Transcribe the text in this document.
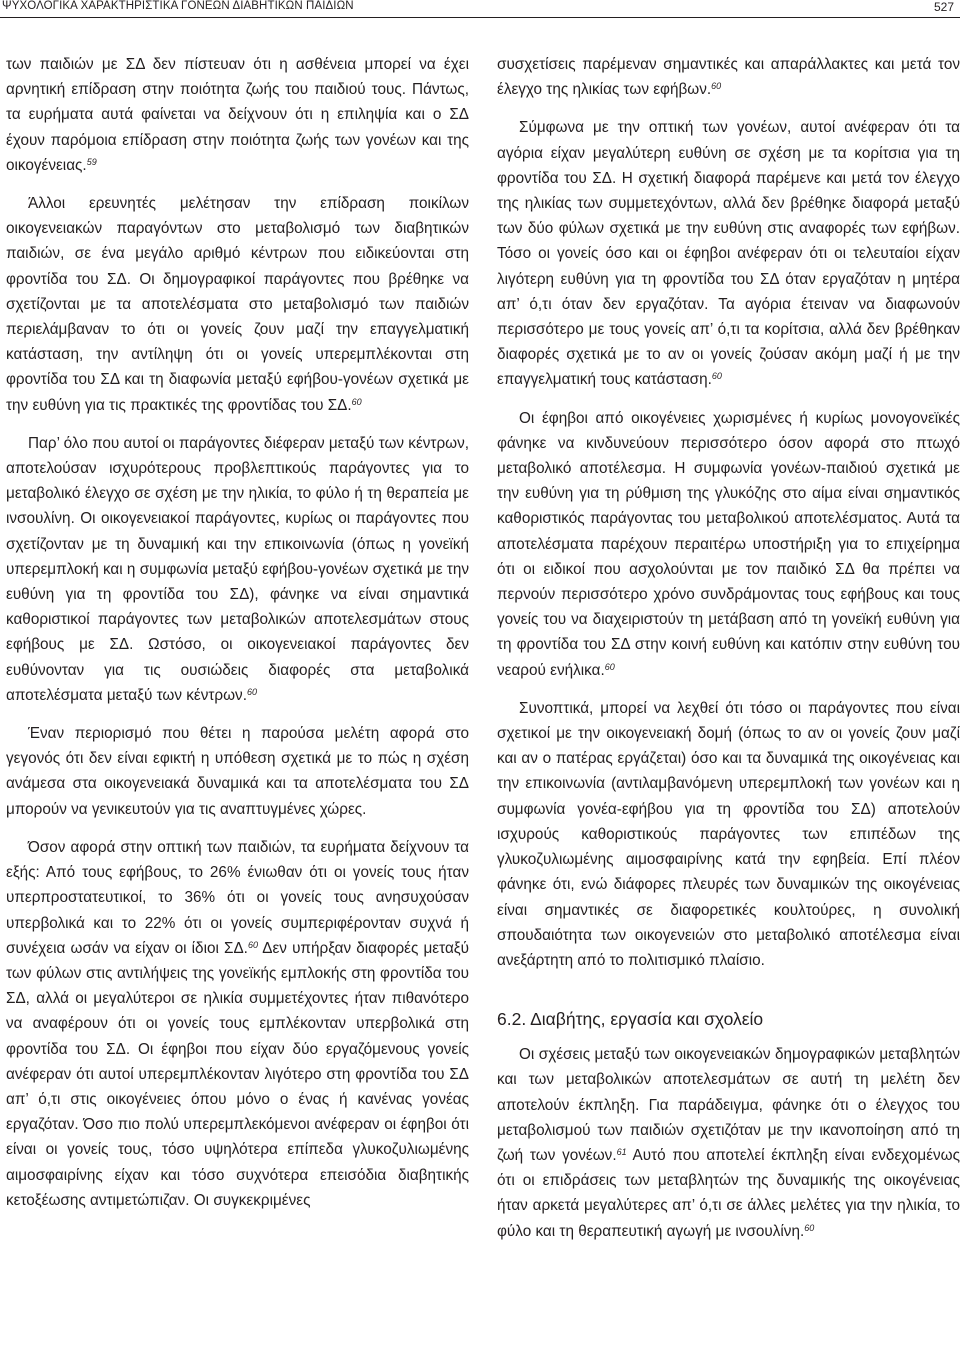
ΨΥΧΟΛΟΓΙΚΑ ΧΑΡΑΚΤΗΡΙΣΤΙΚΑ ΓΟΝΕΩΝ ΔΙΑΒΗΤΙΚΩΝ ΠΑΙΔΙΩΝ	527

των παιδιών με ΣΔ δεν πίστευαν ότι η ασθένεια μπορεί να έχει αρνητική επίδραση στην ποιότητα ζωής του παιδιού τους. Πάντως, τα ευρήματα αυτά φαίνεται να δείχνουν ότι η επιληψία και ο ΣΔ έχουν παρόμοια επίδραση στην ποιότητα ζωής των γονέων και της οικογένειας.$^{59}$

Άλλοι ερευνητές μελέτησαν την επίδραση ποικίλων οικογενειακών παραγόντων στο μεταβολισμό των διαβητικών παιδιών, σε ένα μεγάλο αριθμό κέντρων που ειδικεύονται στη φροντίδα του ΣΔ. Οι δημογραφικοί παράγοντες που βρέθηκε να σχετίζονται με τα αποτελέσματα στο μεταβολισμό των παιδιών περιελάμβαναν το ότι οι γονείς ζουν μαζί την επαγγελματική κατάσταση, την αντίληψη ότι οι γονείς υπερεμπλέκονται στη φροντίδα του ΣΔ και τη διαφωνία μεταξύ εφήβου-γονέων σχετικά με την ευθύνη για τις πρακτικές της φροντίδας του ΣΔ.$^{60}$

Παρ’ όλο που αυτοί οι παράγοντες διέφεραν μεταξύ των κέντρων, αποτελούσαν ισχυρότερους προβλεπτικούς παράγοντες για το μεταβολικό έλεγχο σε σχέση με την ηλικία, το φύλο ή τη θεραπεία με ινσουλίνη. Οι οικογενειακοί παράγοντες, κυρίως οι παράγοντες που σχετίζονταν με τη δυναμική και την επικοινωνία (όπως η γονεϊκή υπερεμπλοκή και η συμφωνία μεταξύ εφήβου-γονέων σχετικά με την ευθύνη για τη φροντίδα του ΣΔ), φάνηκε να είναι σημαντικά καθοριστικοί παράγοντες των μεταβολικών αποτελεσμάτων στους εφήβους με ΣΔ. Ωστόσο, οι οικογενειακοί παράγοντες δεν ευθύνονταν για τις ουσιώδεις διαφορές στα μεταβολικά αποτελέσματα μεταξύ των κέντρων.$^{60}$

Έναν περιορισμό που θέτει η παρούσα μελέτη αφορά στο γεγονός ότι δεν είναι εφικτή η υπόθεση σχετικά με το πώς η σχέση ανάμεσα στα οικογενειακά δυναμικά και τα αποτελέσματα του ΣΔ μπορούν να γενικευτούν για τις αναπτυγμένες χώρες.

Όσον αφορά στην οπτική των παιδιών, τα ευρήματα δείχνουν τα εξής: Από τους εφήβους, το 26% ένιωθαν ότι οι γονείς τους ήταν υπερπροστατευτικοί, το 36% ότι οι γονείς τους ανησυχούσαν υπερβολικά και το 22% ότι οι γονείς συμπεριφέρονταν συχνά ή συνέχεια ωσάν να είχαν οι ίδιοι ΣΔ.$^{60}$ Δεν υπήρξαν διαφορές μεταξύ των φύλων στις αντιλήψεις της γονεϊκής εμπλοκής στη φροντίδα του ΣΔ, αλλά οι μεγαλύτεροι σε ηλικία συμμετέχοντες ήταν πιθανότερο να αναφέρουν ότι οι γονείς τους εμπλέκονταν υπερβολικά στη φροντίδα του ΣΔ. Οι έφηβοι που είχαν δύο εργαζόμενους γονείς ανέφεραν ότι αυτοί υπερεμπλέκονταν λιγότερο στη φροντίδα του ΣΔ απ’ ό,τι στις οικογένειες όπου μόνο ο ένας ή κανένας γονέας εργαζόταν. Όσο πιο πολύ υπερεμπλεκόμενοι ανέφεραν οι έφηβοι ότι είναι οι γονείς τους, τόσο υψηλότερα επίπεδα γλυκοζυλιωμένης αιμοσφαιρίνης είχαν και τόσο συχνότερα επεισόδια διαβητικής κετοξέωσης αντιμετώπιζαν. Οι συγκεκριμένες

συσχετίσεις παρέμεναν σημαντικές και απαράλλακτες και μετά τον έλεγχο της ηλικίας των εφήβων.$^{60}$

Σύμφωνα με την οπτική των γονέων, αυτοί ανέφεραν ότι τα αγόρια είχαν μεγαλύτερη ευθύνη σε σχέση με τα κορίτσια για τη φροντίδα του ΣΔ. Η σχετική διαφορά παρέμενε και μετά τον έλεγχο της ηλικίας των συμμετεχόντων, αλλά δεν βρέθηκε διαφορά μεταξύ των δύο φύλων σχετικά με την ευθύνη στις αναφορές των εφήβων. Τόσο οι γονείς όσο και οι έφηβοι ανέφεραν ότι οι τελευταίοι είχαν λιγότερη ευθύνη για τη φροντίδα του ΣΔ όταν εργαζόταν η μητέρα απ’ ό,τι όταν δεν εργαζόταν. Τα αγόρια έτειναν να διαφωνούν περισσότερο με τους γονείς απ’ ό,τι τα κορίτσια, αλλά δεν βρέθηκαν διαφορές σχετικά με το αν οι γονείς ζούσαν ακόμη μαζί ή με την επαγγελματική τους κατάσταση.$^{60}$

Οι έφηβοι από οικογένειες χωρισμένες ή κυρίως μονογονεϊκές φάνηκε να κινδυνεύουν περισσότερο όσον αφορά στο πτωχό μεταβολικό αποτέλεσμα. Η συμφωνία γονέων-παιδιού σχετικά με την ευθύνη για τη ρύθμιση της γλυκόζης στο αίμα είναι σημαντικός καθοριστικός παράγοντας του μεταβολικού αποτελέσματος. Αυτά τα αποτελέσματα παρέχουν περαιτέρω υποστήριξη για το επιχείρημα ότι οι ειδικοί που ασχολούνται με τον παιδικό ΣΔ θα πρέπει να περνούν περισσότερο χρόνο συνδράμοντας τους εφήβους και τους γονείς του να διαχειριστούν τη μετάβαση από τη γονεϊκή ευθύνη για τη φροντίδα του ΣΔ στην κοινή ευθύνη και κατόπιν στην ευθύνη του νεαρού ενήλικα.$^{60}$

Συνοπτικά, μπορεί να λεχθεί ότι τόσο οι παράγοντες που είναι σχετικοί με την οικογενειακή δομή (όπως το αν οι γονείς ζουν μαζί και αν ο πατέρας εργάζεται) όσο και τα δυναμικά της οικογένειας και την επικοινωνία (αντιλαμβανόμενη υπερεμπλοκή των γονέων και η συμφωνία γονέα-εφήβου για τη φροντίδα του ΣΔ) αποτελούν ισχυρούς καθοριστικούς παράγοντες των επιπέδων της γλυκοζυλιωμένης αιμοσφαιρίνης κατά την εφηβεία. Επί πλέον φάνηκε ότι, ενώ διάφορες πλευρές των δυναμικών της οικογένειας είναι σημαντικές σε διαφορετικές κουλτούρες, η συνολική σπουδαιότητα των οικογενειών στο μεταβολικό αποτέλεσμα είναι ανεξάρτητη από το πολιτισμικό πλαίσιο.

6.2. Διαβήτης, εργασία και σχολείο

Οι σχέσεις μεταξύ των οικογενειακών δημογραφικών μεταβλητών και των μεταβολικών αποτελεσμάτων σε αυτή τη μελέτη δεν αποτελούν έκπληξη. Για παράδειγμα, φάνηκε ότι ο έλεγχος του μεταβολισμού των παιδιών σχετιζόταν με την ικανοποίηση από τη ζωή των γονέων.$^{61}$ Αυτό που αποτελεί έκπληξη είναι ενδεχομένως ότι οι επιδράσεις των μεταβλητών της δυναμικής της οικογένειας ήταν αρκετά μεγαλύτερες απ’ ό,τι σε άλλες μελέτες για την ηλικία, το φύλο και τη θεραπευτική αγωγή με ινσουλίνη.$^{60}$
